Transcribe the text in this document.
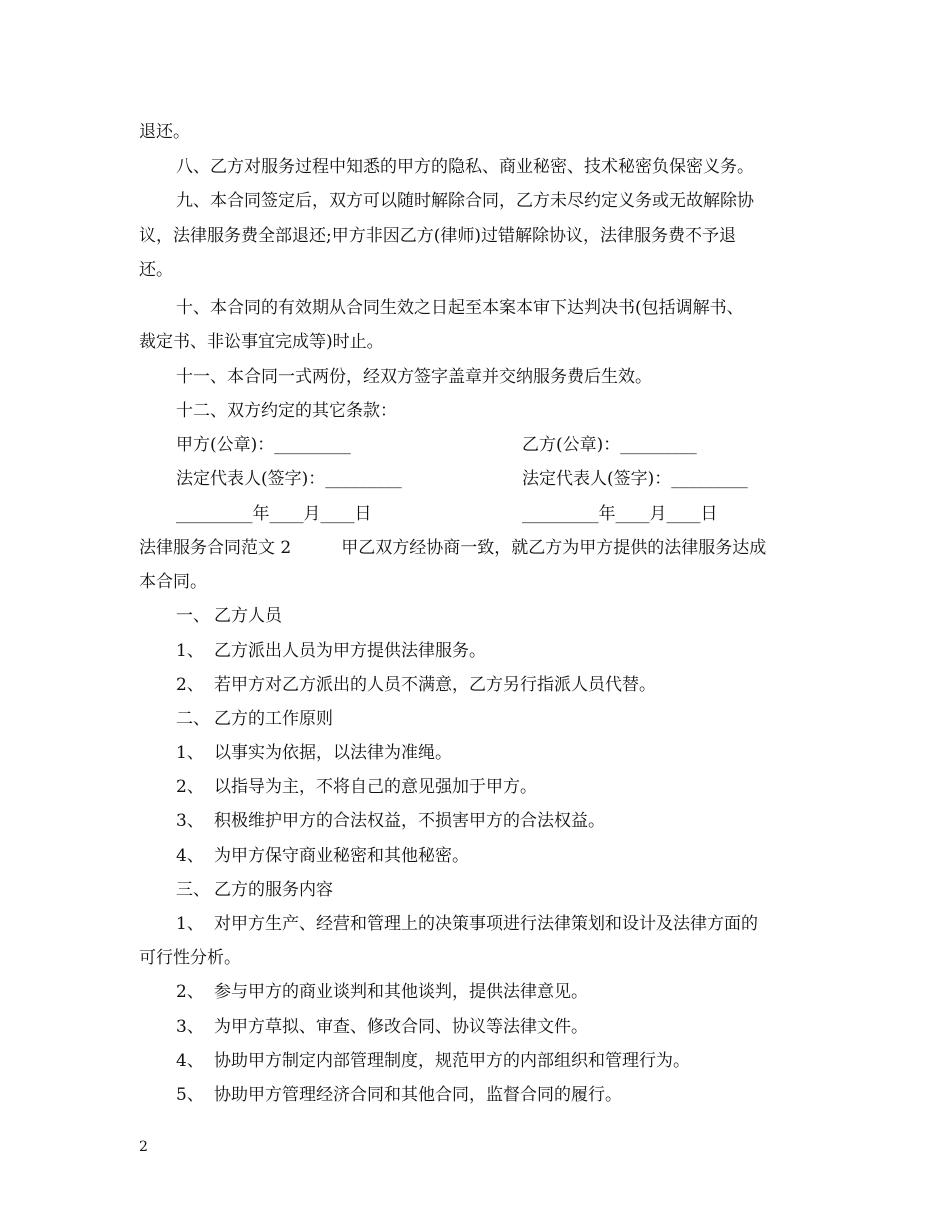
退还。
八、乙方对服务过程中知悉的甲方的隐私、商业秘密、技术秘密负保密义务。
九、本合同签定后，双方可以随时解除合同，乙方未尽约定义务或无故解除协
议，法律服务费全部退还;甲方非因乙方(律师)过错解除协议，法律服务费不予退
还。
十、本合同的有效期从合同生效之日起至本案本审下达判决书(包括调解书、
裁定书、非讼事宜完成等)时止。
十一、本合同一式两份，经双方签字盖章并交纳服务费后生效。
十二、双方约定的其它条款：
甲方(公章)：_________	乙方(公章)：_________
法定代表人(签字)：_________	法定代表人(签字)：_________
_________年____月____日	_________年____月____日
法律服务合同范文 2	甲乙双方经协商一致，就乙方为甲方提供的法律服务达成
本合同。
一、 乙方人员
1、 乙方派出人员为甲方提供法律服务。
2、 若甲方对乙方派出的人员不满意，乙方另行指派人员代替。
二、 乙方的工作原则
1、 以事实为依据，以法律为准绳。
2、 以指导为主，不将自己的意见强加于甲方。
3、 积极维护甲方的合法权益，不损害甲方的合法权益。
4、 为甲方保守商业秘密和其他秘密。
三、 乙方的服务内容
1、 对甲方生产、经营和管理上的决策事项进行法律策划和设计及法律方面的
可行性分析。
2、 参与甲方的商业谈判和其他谈判，提供法律意见。
3、 为甲方草拟、审查、修改合同、协议等法律文件。
4、 协助甲方制定内部管理制度，规范甲方的内部组织和管理行为。
5、 协助甲方管理经济合同和其他合同，监督合同的履行。
2
